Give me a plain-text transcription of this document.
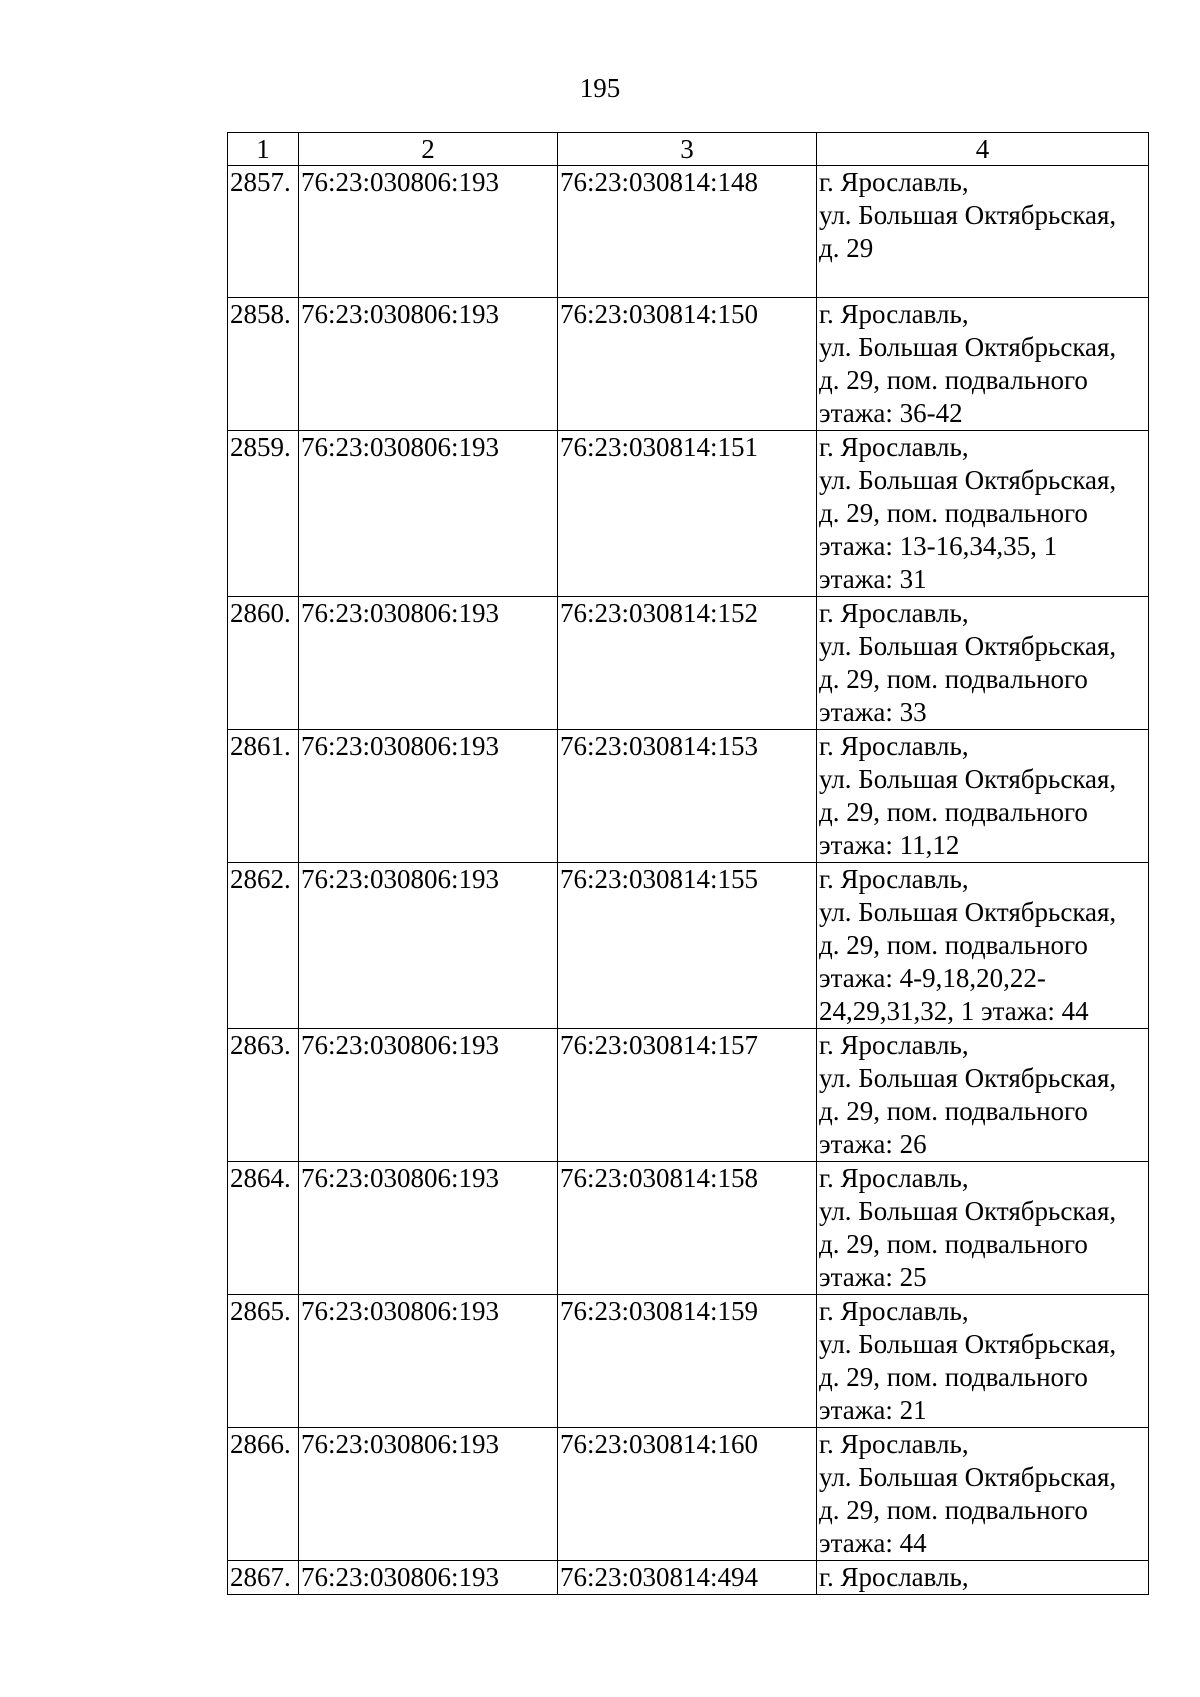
195
1	2	3	4
2857.	76:23:030806:193	76:23:030814:148	г. Ярославль,
ул. Большая Октябрьская,
д. 29

2858.	76:23:030806:193	76:23:030814:150	г. Ярославль,
ул. Большая Октябрьская,
д. 29, пом. подвального
этажа: 36-42

2859.	76:23:030806:193	76:23:030814:151	г. Ярославль,
ул. Большая Октябрьская,
д. 29, пом. подвального
этажа: 13-16,34,35, 1
этажа: 31

2860.	76:23:030806:193	76:23:030814:152	г. Ярославль,
ул. Большая Октябрьская,
д. 29, пом. подвального
этажа: 33

2861.	76:23:030806:193	76:23:030814:153	г. Ярославль,
ул. Большая Октябрьская,
д. 29, пом. подвального
этажа: 11,12

2862.	76:23:030806:193	76:23:030814:155	г. Ярославль,
ул. Большая Октябрьская,
д. 29, пом. подвального
этажа: 4-9,18,20,22-
24,29,31,32, 1 этажа: 44

2863.	76:23:030806:193	76:23:030814:157	г. Ярославль,
ул. Большая Октябрьская,
д. 29, пом. подвального
этажа: 26

2864.	76:23:030806:193	76:23:030814:158	г. Ярославль,
ул. Большая Октябрьская,
д. 29, пом. подвального
этажа: 25

2865.	76:23:030806:193	76:23:030814:159	г. Ярославль,
ул. Большая Октябрьская,
д. 29, пом. подвального
этажа: 21

2866.	76:23:030806:193	76:23:030814:160	г. Ярославль,
ул. Большая Октябрьская,
д. 29, пом. подвального
этажа: 44

2867.	76:23:030806:193	76:23:030814:494	г. Ярославль,
